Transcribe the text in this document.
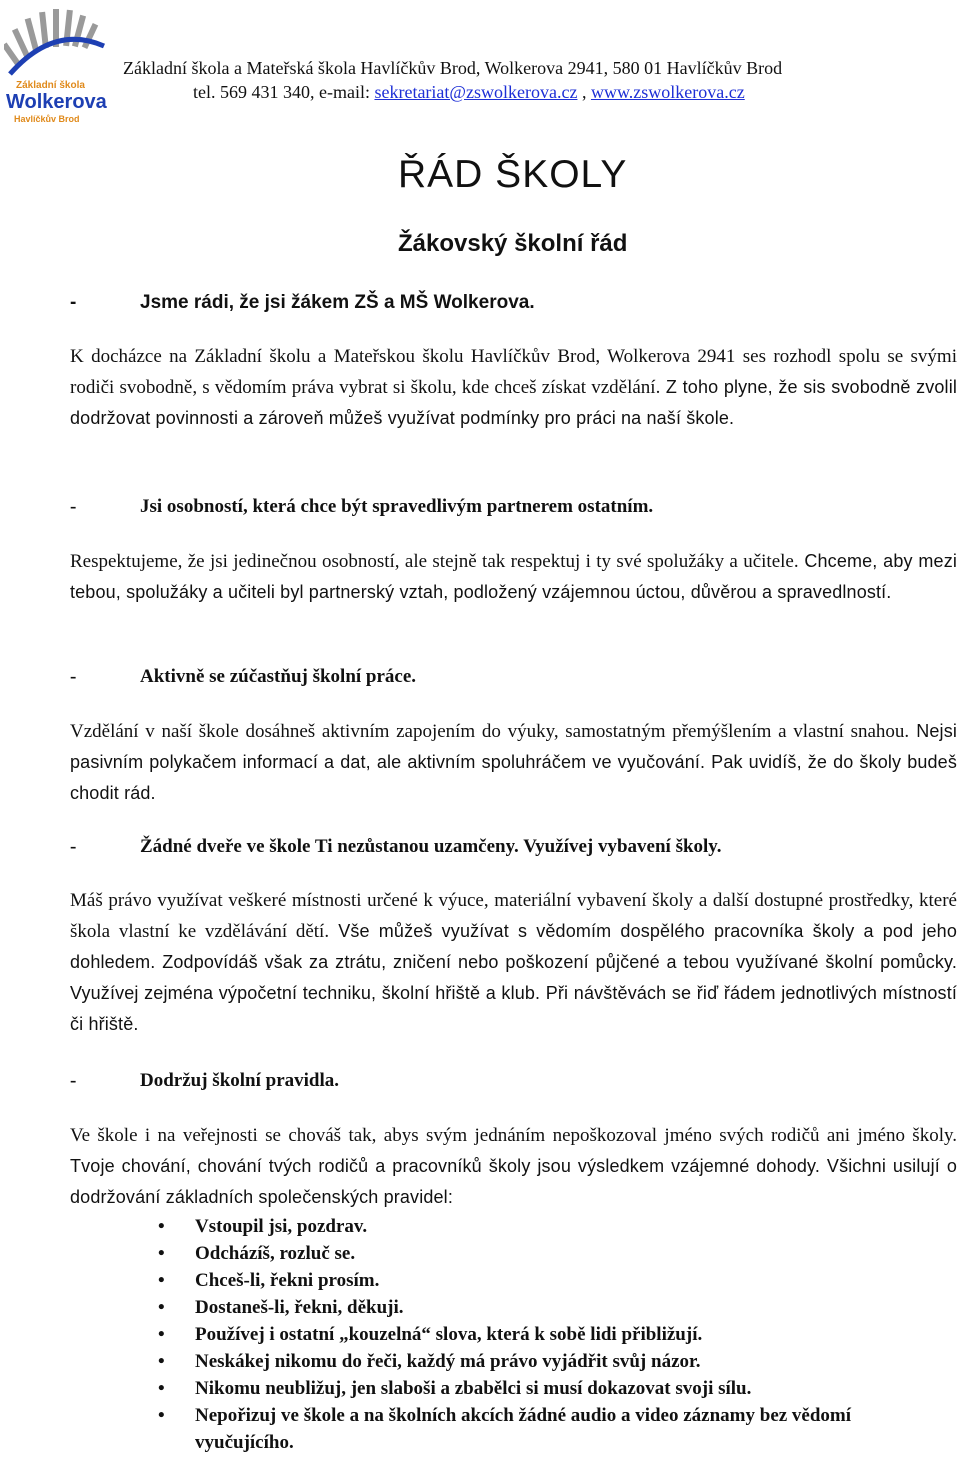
Základní škola
Wolkerova
Havlíčkův Brod
Základní škola a Mateřská škola Havlíčkův Brod, Wolkerova 2941, 580 01 Havlíčkův Brod
tel. 569 431 340, e-mail: sekretariat@zswolkerova.cz , www.zswolkerova.cz
ŘÁD ŠKOLY
Žákovský školní řád

-	Jsme rádi, že jsi žákem ZŠ a MŠ Wolkerova.

K docházce na Základní školu a Mateřskou školu Havlíčkův Brod, Wolkerova 2941 ses rozhodl spolu se svými rodiči svobodně, s vědomím práva vybrat si školu, kde chceš získat vzdělání. Z toho plyne, že sis svobodně zvolil dodržovat povinnosti a zároveň můžeš využívat podmínky pro práci na naší škole.

-	Jsi osobností, která chce být spravedlivým partnerem ostatním.

Respektujeme, že jsi jedinečnou osobností, ale stejně tak respektuj i ty své spolužáky a učitele. Chceme, aby mezi tebou, spolužáky a učiteli byl partnerský vztah, podložený vzájemnou úctou, důvěrou a spravedlností.

-	Aktivně se zúčastňuj školní práce.

Vzdělání v naší škole dosáhneš aktivním zapojením do výuky, samostatným přemýšlením a vlastní snahou. Nejsi pasivním polykačem informací a dat, ale aktivním spoluhráčem ve vyučování. Pak uvidíš, že do školy budeš chodit rád.

-	Žádné dveře ve škole Ti nezůstanou uzamčeny. Využívej vybavení školy.

Máš právo využívat veškeré místnosti určené k výuce, materiální vybavení školy a další dostupné prostředky, které škola vlastní ke vzdělávání dětí. Vše můžeš využívat s vědomím dospělého pracovníka školy a pod jeho dohledem. Zodpovídáš však za ztrátu, zničení nebo poškození půjčené a tebou využívané školní pomůcky. Využívej zejména výpočetní techniku, školní hřiště a klub. Při návštěvách se řiď řádem jednotlivých místností či hřiště.

-	Dodržuj školní pravidla.

Ve škole i na veřejnosti se chováš tak, abys svým jednáním nepoškozoval jméno svých rodičů ani jméno školy. Tvoje chování, chování tvých rodičů a pracovníků školy jsou výsledkem vzájemné dohody. Všichni usilují o dodržování základních společenských pravidel:

• Vstoupil jsi, pozdrav.
• Odcházíš, rozluč se.
• Chceš-li, řekni prosím.
• Dostaneš-li, řekni, děkuji.
• Používej i ostatní „kouzelná“ slova, která k sobě lidi přibližují.
• Neskákej nikomu do řeči, každý má právo vyjádřit svůj názor.
• Nikomu neubližuj, jen slaboši a zbabělci si musí dokazovat svoji sílu.
• Nepořizuj ve škole a na školních akcích žádné audio a video záznamy bez vědomí vyučujícího.
